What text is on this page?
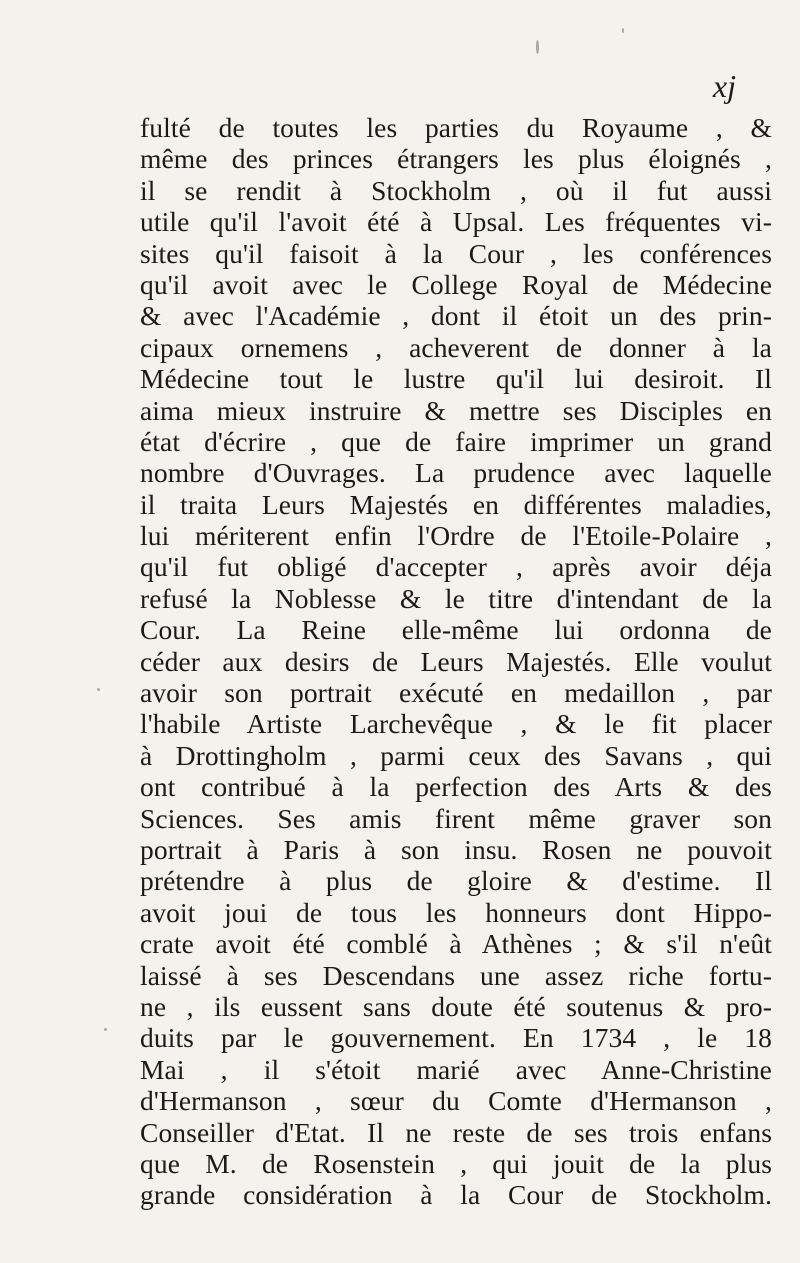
xj
fulté de toutes les parties du Royaume , &
même des princes étrangers les plus éloignés ,
il se rendit à Stockholm , où il fut aussi
utile qu'il l'avoit été à Upsal. Les fréquentes vi-
sites qu'il faisoit à la Cour , les conférences
qu'il avoit avec le College Royal de Médecine
& avec l'Académie , dont il étoit un des prin-
cipaux ornemens , acheverent de donner à la
Médecine tout le lustre qu'il lui desiroit. Il
aima mieux instruire & mettre ses Disciples en
état d'écrire , que de faire imprimer un grand
nombre d'Ouvrages. La prudence avec laquelle
il traita Leurs Majestés en différentes maladies,
lui mériterent enfin l'Ordre de l'Etoile-Polaire ,
qu'il fut obligé d'accepter , après avoir déja
refusé la Noblesse & le titre d'intendant de la
Cour. La Reine elle-même lui ordonna de
céder aux desirs de Leurs Majestés. Elle voulut
avoir son portrait exécuté en medaillon , par
l'habile Artiste Larchevêque , & le fit placer
à Drottingholm , parmi ceux des Savans , qui
ont contribué à la perfection des Arts & des
Sciences. Ses amis firent même graver son
portrait à Paris à son insu. Rosen ne pouvoit
prétendre à plus de gloire & d'estime. Il
avoit joui de tous les honneurs dont Hippo-
crate avoit été comblé à Athènes ; & s'il n'eût
laissé à ses Descendans une assez riche fortu-
ne , ils eussent sans doute été soutenus & pro-
duits par le gouvernement. En 1734 , le 18
Mai , il s'étoit marié avec Anne-Christine
d'Hermanson , sœur du Comte d'Hermanson ,
Conseiller d'Etat. Il ne reste de ses trois enfans
que M. de Rosenstein , qui jouit de la plus
grande considération à la Cour de Stockholm.
